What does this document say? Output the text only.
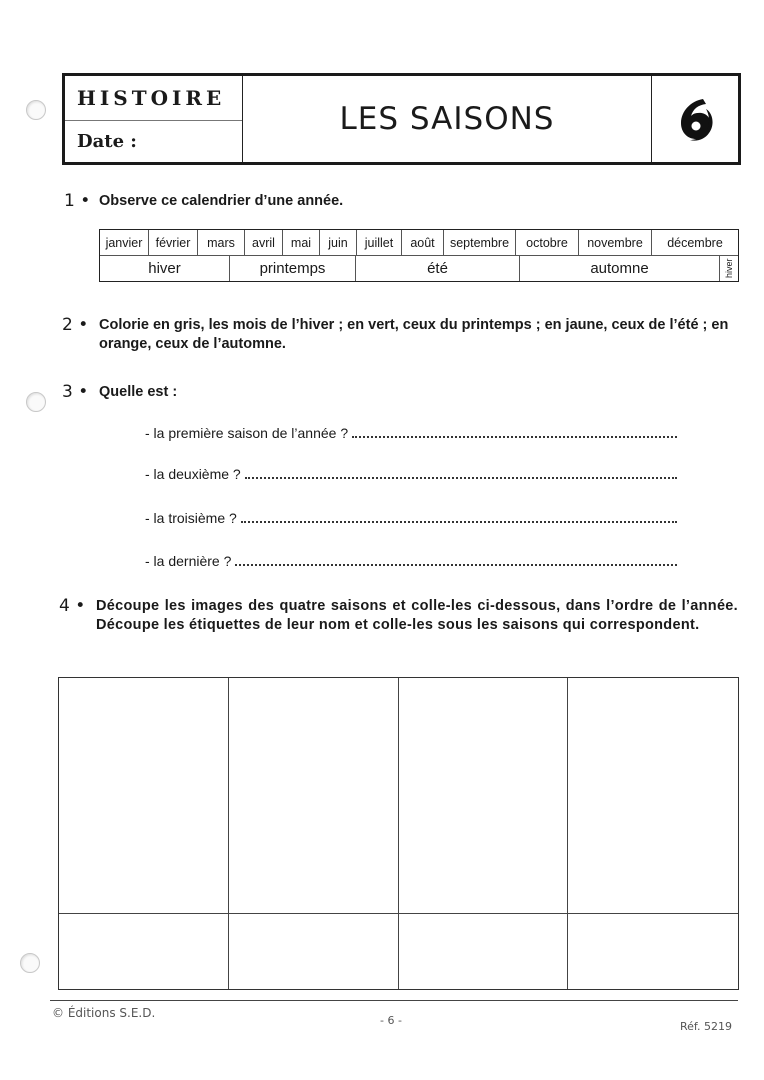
HISTOIRE
Date :
LES SAISONS
1 • Observe ce calendrier d’une année.
janvier	février	mars	avril	mai	juin	juillet	août	septembre	octobre	novembre	décembre
hiver	printemps	été	automne	hiver
2 • Colorie en gris, les mois de l’hiver ; en vert, ceux du printemps ; en jaune, ceux de l’été ; en orange, ceux de l’automne.
3 • Quelle est :
- la première saison de l’année ?
- la deuxième ?
- la troisième ?
- la dernière ?
4 • Découpe les images des quatre saisons et colle-les ci-dessous, dans l’ordre de l’année. Découpe les étiquettes de leur nom et colle-les sous les saisons qui correspondent.
© Éditions S.E.D.
- 6 -	Réf. 5219
